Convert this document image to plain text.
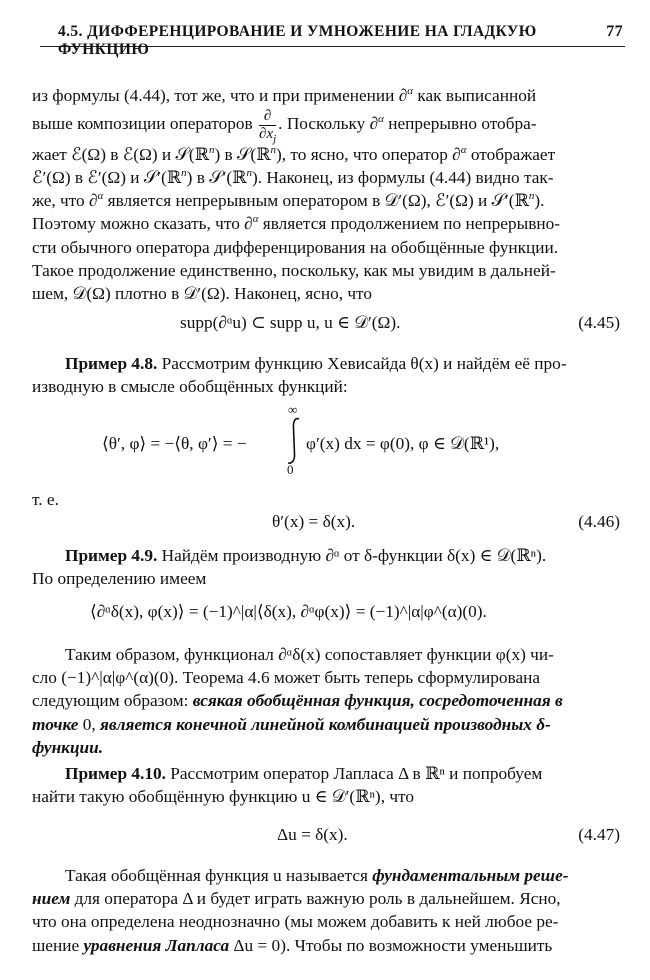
4.5. ДИФФЕРЕНЦИРОВАНИЕ И УМНОЖЕНИЕ НА ГЛАДКУЮ ФУНКЦИЮ
77

из формулы (4.44), тот же, что и при применении ∂$^\alpha$ как выписанной

выше композиции операторов $\frac{\partial}{\partial x_j}$ . Поскольку ∂$^\alpha$ непрерывно отобра-

жает ℰ(Ω) в ℰ(Ω) и 𝒮(ℝ$^n$) в 𝒮(ℝ$^n$), то ясно, что оператор ∂$^\alpha$ отображает

ℰ′(Ω) в ℰ′(Ω) и 𝒮′(ℝ$^n$) в 𝒮′(ℝ$^n$). Наконец, из формулы (4.44) видно так-

же, что ∂$^\alpha$ является непрерывным оператором в 𝒟′(Ω), ℰ′(Ω) и 𝒮′(ℝ$^n$).

Поэтому можно сказать, что ∂$^\alpha$ является продолжением по непрерывно-

сти обычного оператора дифференцирования на обобщённые функции.

Такое продолжение единственно, поскольку, как мы увидим в дальней-

шем, 𝒟(Ω) плотно в 𝒟′(Ω). Наконец, ясно, что

supp(∂ᵅu) ⊂ supp u, u ∈ 𝒟′(Ω).	(4.45)

Пример 4.8. Рассмотрим функцию Хевисайда θ(x) и найдём её про-

изводную в смысле обобщённых функций:

⟨θ′, φ⟩ = −⟨θ, φ′⟩ = −
∞
0
φ′(x) dx = φ(0), φ ∈ 𝒟(ℝ¹),

т. е.

θ′(x) = δ(x).	(4.46)

Пример 4.9. Найдём производную ∂ᵅ от δ-функции δ(x) ∈ 𝒟(ℝⁿ).

По определению имеем

⟨∂ᵅδ(x), φ(x)⟩ = (−1)^|α|⟨δ(x), ∂ᵅφ(x)⟩ = (−1)^|α|φ^(α)(0).

Таким образом, функционал ∂ᵅδ(x) сопоставляет функции φ(x) чи-

сло (−1)^|α|φ^(α)(0). Теорема 4.6 может быть теперь сформулирована

следующим образом: всякая обобщённая функция, сосредоточенная в

точке 0, является конечной линейной комбинацией производных δ-

функции.

Пример 4.10. Рассмотрим оператор Лапласа Δ в ℝⁿ и попробуем

найти такую обобщённую функцию u ∈ 𝒟′(ℝⁿ), что

Δu = δ(x).	(4.47)

Такая обобщённая функция u называется фундаментальным реше-

нием для оператора Δ и будет играть важную роль в дальнейшем. Ясно,

что она определена неоднозначно (мы можем добавить к ней любое ре-

шение уравнения Лапласа Δu = 0). Чтобы по возможности уменьшить
